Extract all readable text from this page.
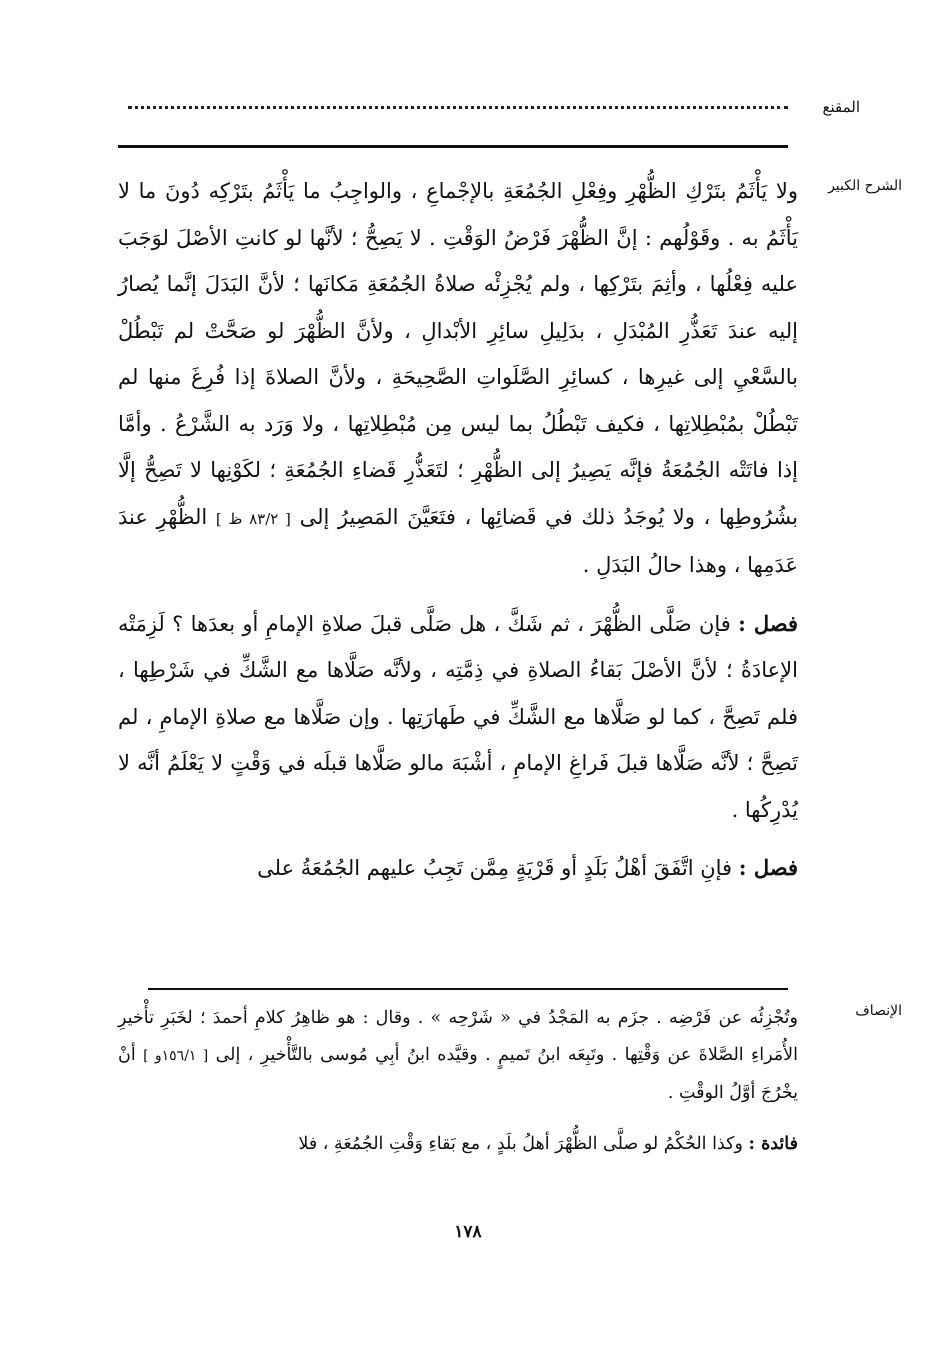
المقنع

الشرح الكبير

ولا يَأْثَمُ بتَرْكِ الظُّهْرِ وفِعْلِ الجُمُعَةِ بالإجْماعِ ، والواجِبُ ما يَأْثَمُ بتَرْكِه دُونَ ما لا يَأْثَمُ به . وقَوْلُهم : إنَّ الظُّهْرَ فَرْضُ الوَقْتِ . لا يَصِحُّ ؛ لأنَّها لو كانتِ الأصْلَ لوَجَبَ عليه فِعْلُها ، وأثِمَ بتَرْكِها ، ولم يُجْزِئْه صلاةُ الجُمُعَةِ مَكانَها ؛ لأنَّ البَدَلَ إنَّما يُصارُ إليه عندَ تَعَذُّرِ المُبْدَلِ ، بدَلِيلِ سائِرِ الأبْدالِ ، ولأنَّ الظُّهْرَ لو صَحَّتْ لم تَبْطُلْ بالسَّعْيِ إلى غيرِها ، كسائِرِ الصَّلَواتِ الصَّحِيحَةِ ، ولأنَّ الصلاةَ إذا فُرِغَ منها لم تَبْطُلْ بمُبْطِلاتِها ، فكيف تَبْطُلُ بما ليس مِن مُبْطِلاتِها ، ولا وَرَد به الشَّرْعُ . وأمَّا إذا فاتَتْه الجُمُعَةُ فإنَّه يَصِيرُ إلى الظُّهْرِ ؛ لتَعَذُّرِ قَضاءِ الجُمُعَةِ ؛ لكَوْنِها لا تَصِحُّ إلَّا بشُرُوطِها ، ولا يُوجَدُ ذلك في قَضائِها ، فتَعَيَّنَ المَصِيرُ إلى [ ٨٣/٢ ظ ] الظُّهْرِ عندَ عَدَمِها ، وهذا حالُ البَدَلِ .

فصل : فإن صَلَّى الظُّهْرَ ، ثم شَكَّ ، هل صَلَّى قبلَ صلاةِ الإمامِ أو بعدَها ؟ لَزِمَتْه الإعادَةُ ؛ لأنَّ الأصْلَ بَقاءُ الصلاةِ في ذِمَّتِه ، ولأنَّه صَلَّاها مع الشَّكِّ في شَرْطِها ، فلم تَصِحَّ ، كما لو صَلَّاها مع الشَّكِّ في طَهارَتِها . وإن صَلَّاها مع صلاةِ الإمامِ ، لم تَصِحَّ ؛ لأنَّه صَلَّاها قبلَ فَراغِ الإمامِ ، أشْبَهَ مالو صَلَّاها قبلَه في وَقْتٍ لا يَعْلَمُ أنَّه لا يُدْرِكُها .

فصل : فإنِ اتَّفَقَ أهْلُ بَلَدٍ أو قَرْيَةٍ مِمَّن تَجِبُ عليهم الجُمُعَةُ على

الإنصاف

وتُجْزِئُه عن فَرْضِه . جزَم به المَجْدُ في « شَرْحِه » . وقال : هو ظاهِرُ كلامِ أحمدَ ؛ لخَبَرِ تأْخيرِ الأُمَراءِ الصَّلاةَ عن وَقْتِها . وتَبِعَه ابنُ تَميمٍ . وقيَّده ابنُ أبِي مُوسى بالتَّأْخيرِ ، إلى [ ١٥٦/١و ] أنْ يخْرُجَ أوَّلُ الوقْتِ .

فائدة : وكذا الحُكْمُ لو صلَّى الظُّهْرَ أهلُ بلَدٍ ، مع بَقاءِ وَقْتِ الجُمُعَةِ ، فلا

١٧٨
